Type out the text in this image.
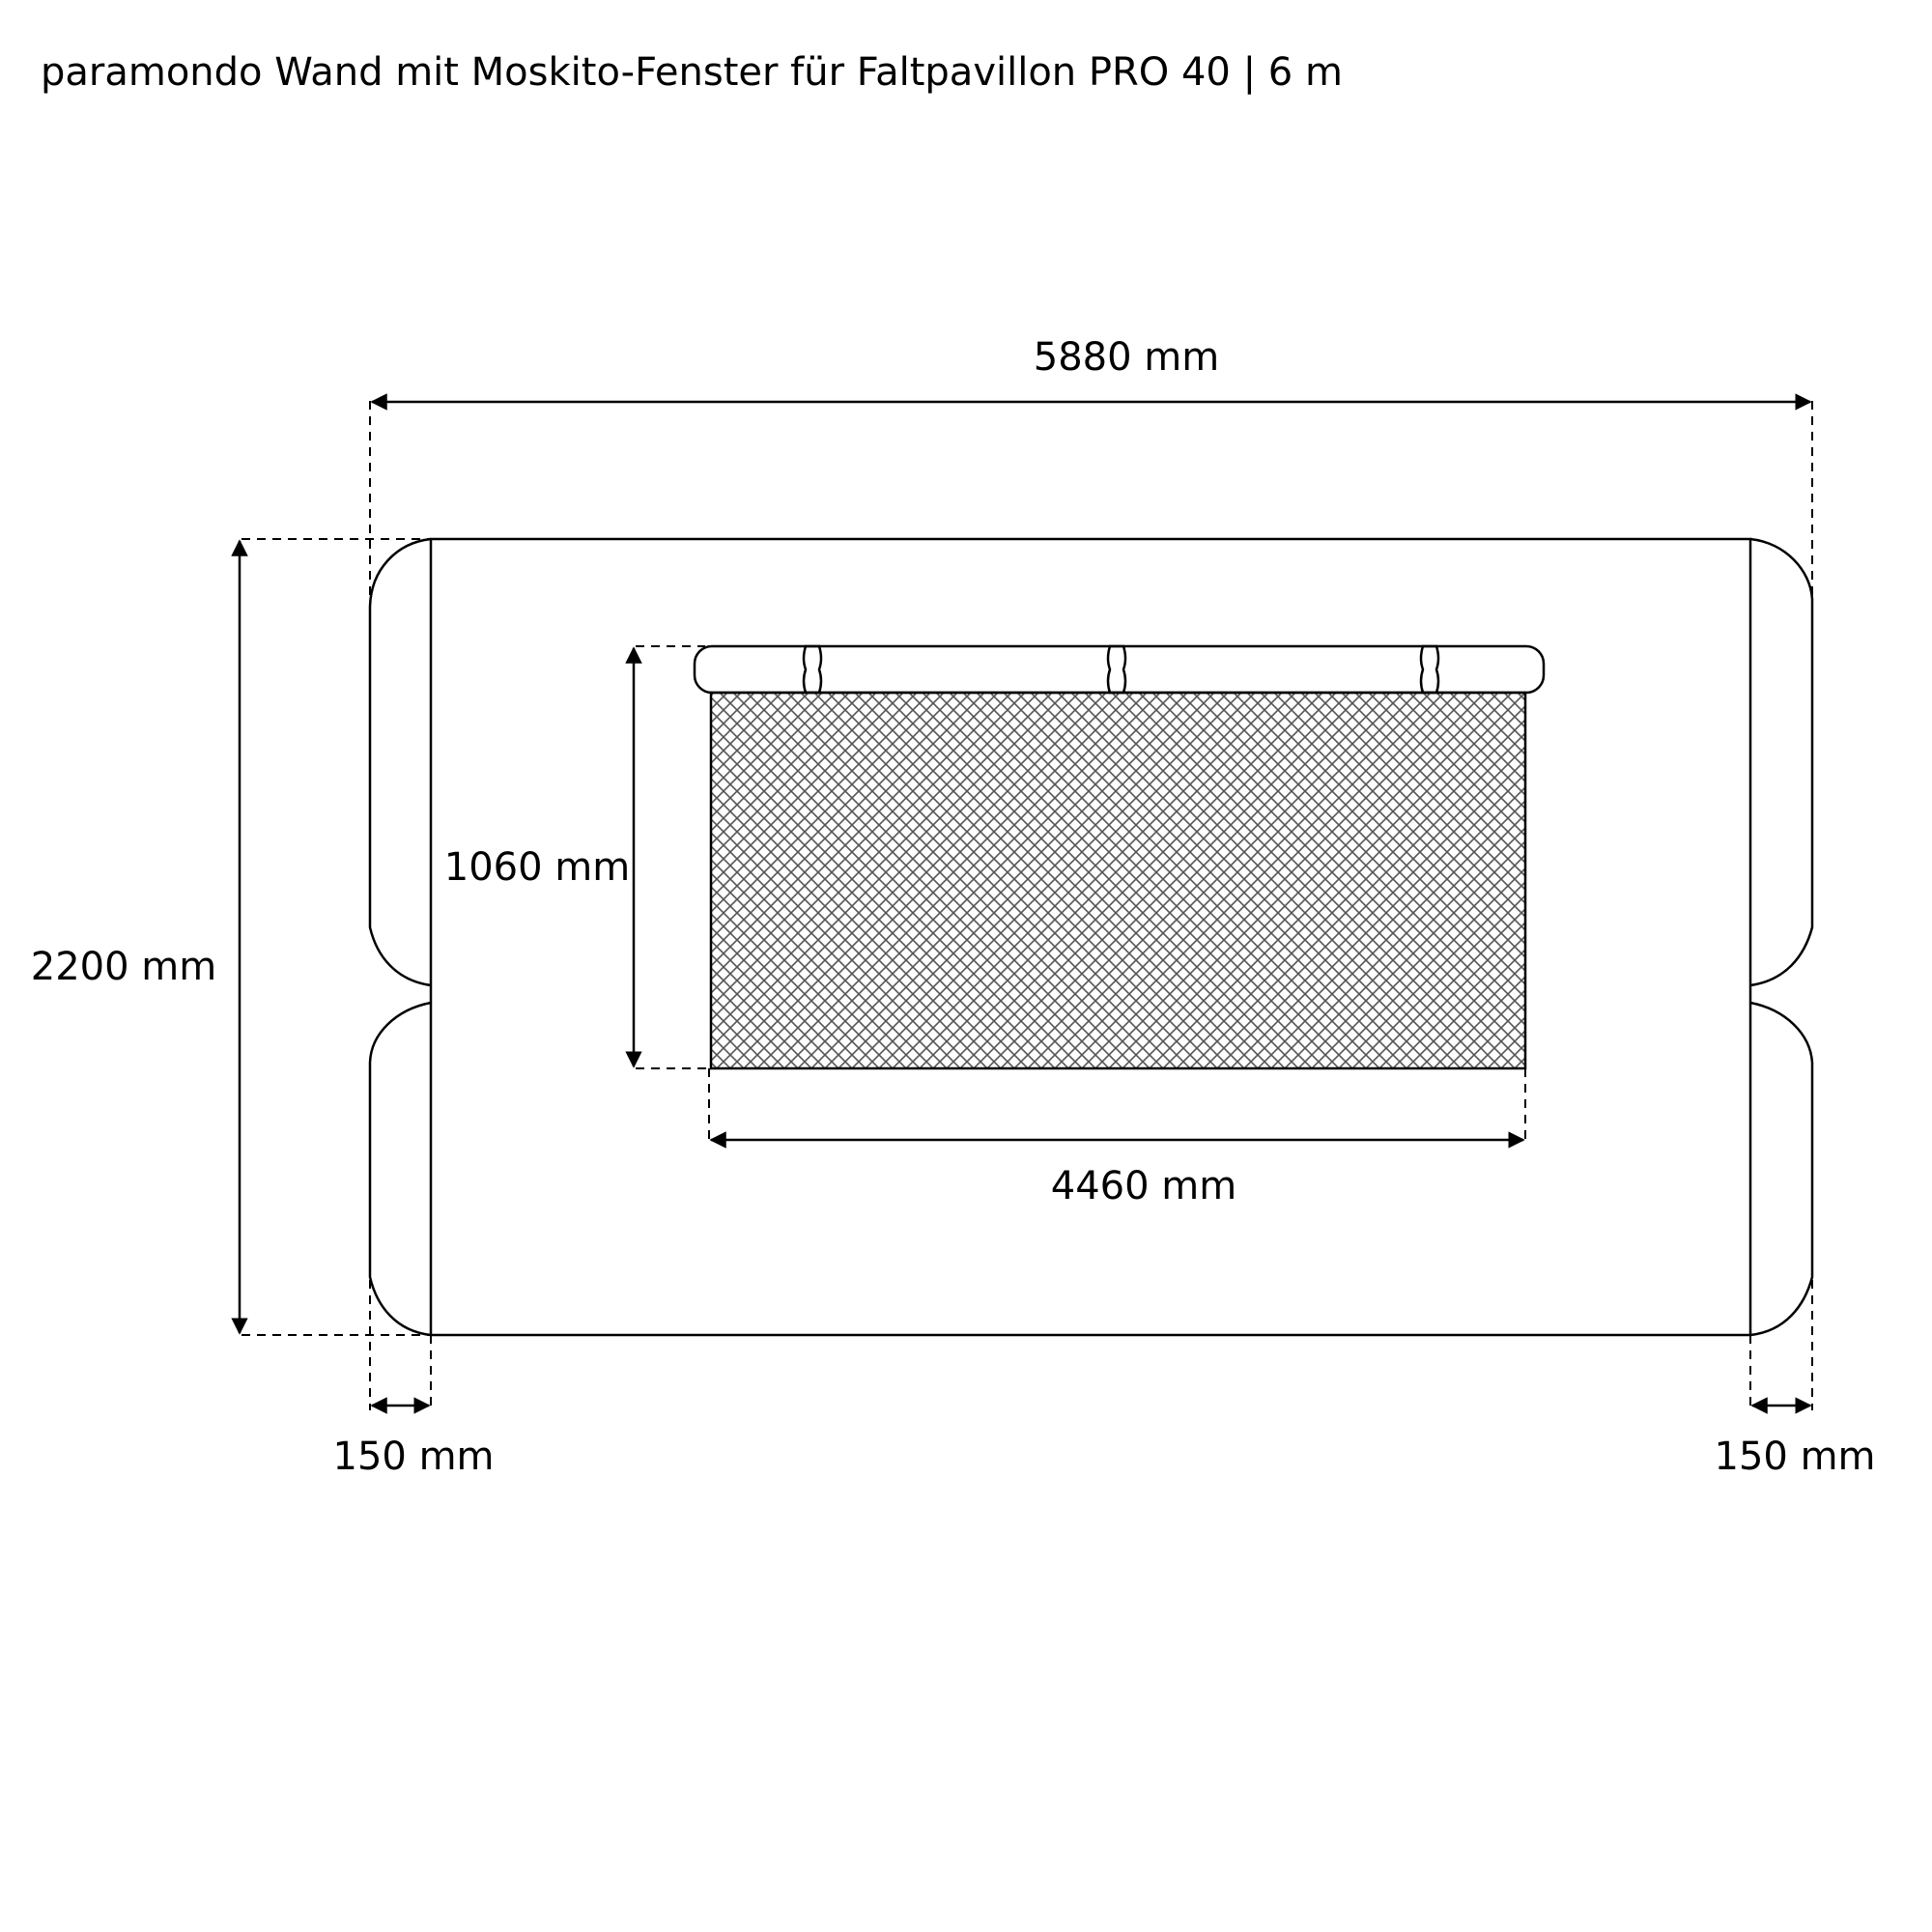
paramondo Wand mit Moskito-Fenster für Faltpavillon PRO 40 | 6 m
5880 mm
2200 mm
1060 mm
4460 mm
150 mm	150 mm
